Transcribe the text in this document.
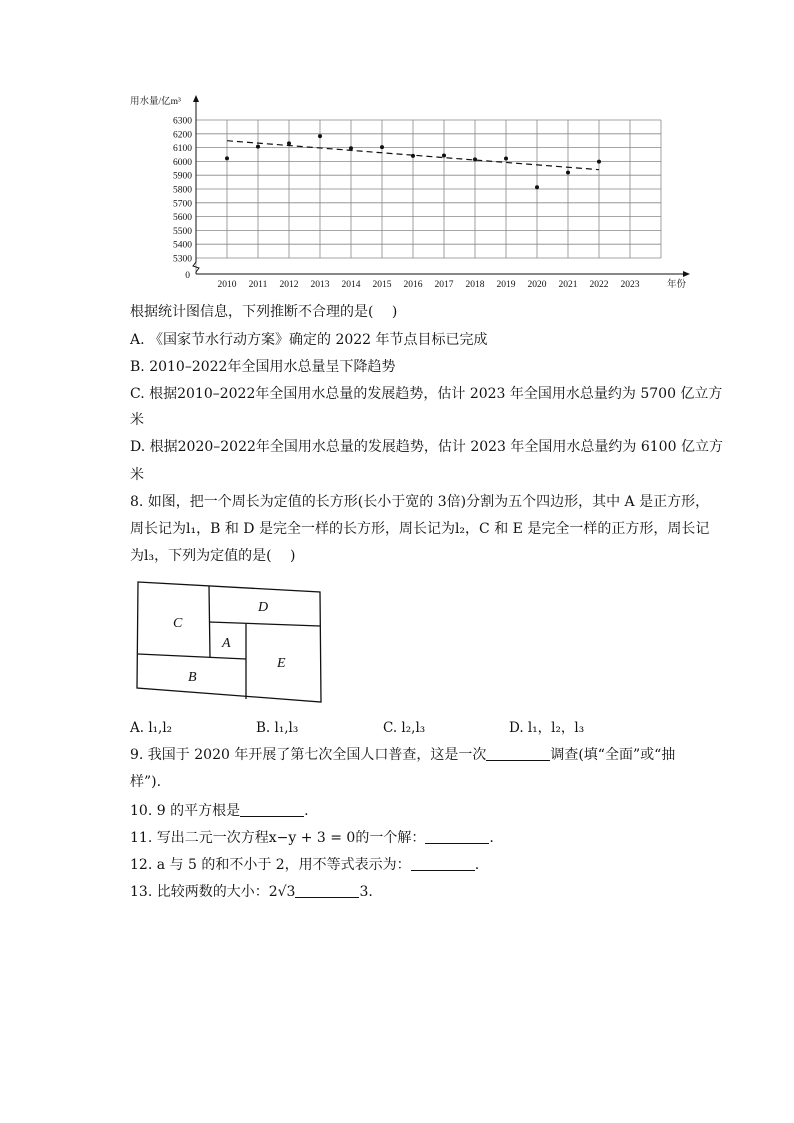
5300
5400
5500
5600
5700
5800
5900
6000
6100
6200
6300
0
用水量/亿m³
年份
2010 2011 2012 2013 2014 2015 2016 2017 2018 2019 2020 2021 2022 2023
根据统计图信息，下列推断不合理的是(　 )
A. 《国家节水行动方案》确定的 2022 年节点目标已完成
B. 2010–2022年全国用水总量呈下降趋势
C. 根据2010–2022年全国用水总量的发展趋势，估计 2023 年全国用水总量约为 5700 亿立方
米
D. 根据2020–2022年全国用水总量的发展趋势，估计 2023 年全国用水总量约为 6100 亿立方
米
8. 如图，把一个周长为定值的长方形(长小于宽的 3倍)分割为五个四边形，其中 A 是正方形，
周长记为l₁，B 和 D 是完全一样的长方形，周长记为l₂，C 和 E 是完全一样的正方形，周长记
为l₃，下列为定值的是(　 )
C
D
A
E
B
A. l₁,l₂	B. l₁,l₃	C. l₂,l₃	D. l₁，l₂，l₃
9. 我国于 2020 年开展了第七次全国人口普查，这是一次	调查(填“全面”或“抽
样”).
10. 9 的平方根是	.
11. 写出二元一次方程x−y + 3 = 0的一个解：	.
12. a 与 5 的和不小于 2，用不等式表示为：	.
13. 比较两数的大小：2√3	3.
